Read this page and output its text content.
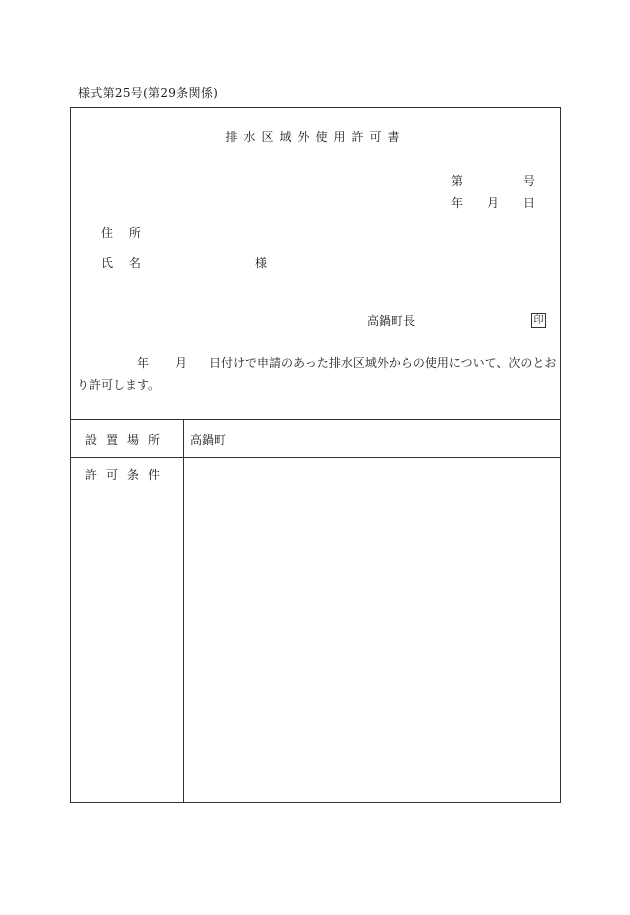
様式第25号(第29条関係)
排水区域外使用許可書
第	号
年 月 日
住 所
氏 名	様
高鍋町長	印
年 月 日付けで申請のあった排水区域外からの使用について、次のとお
り許可します。
設置場所	高鍋町
許可条件
